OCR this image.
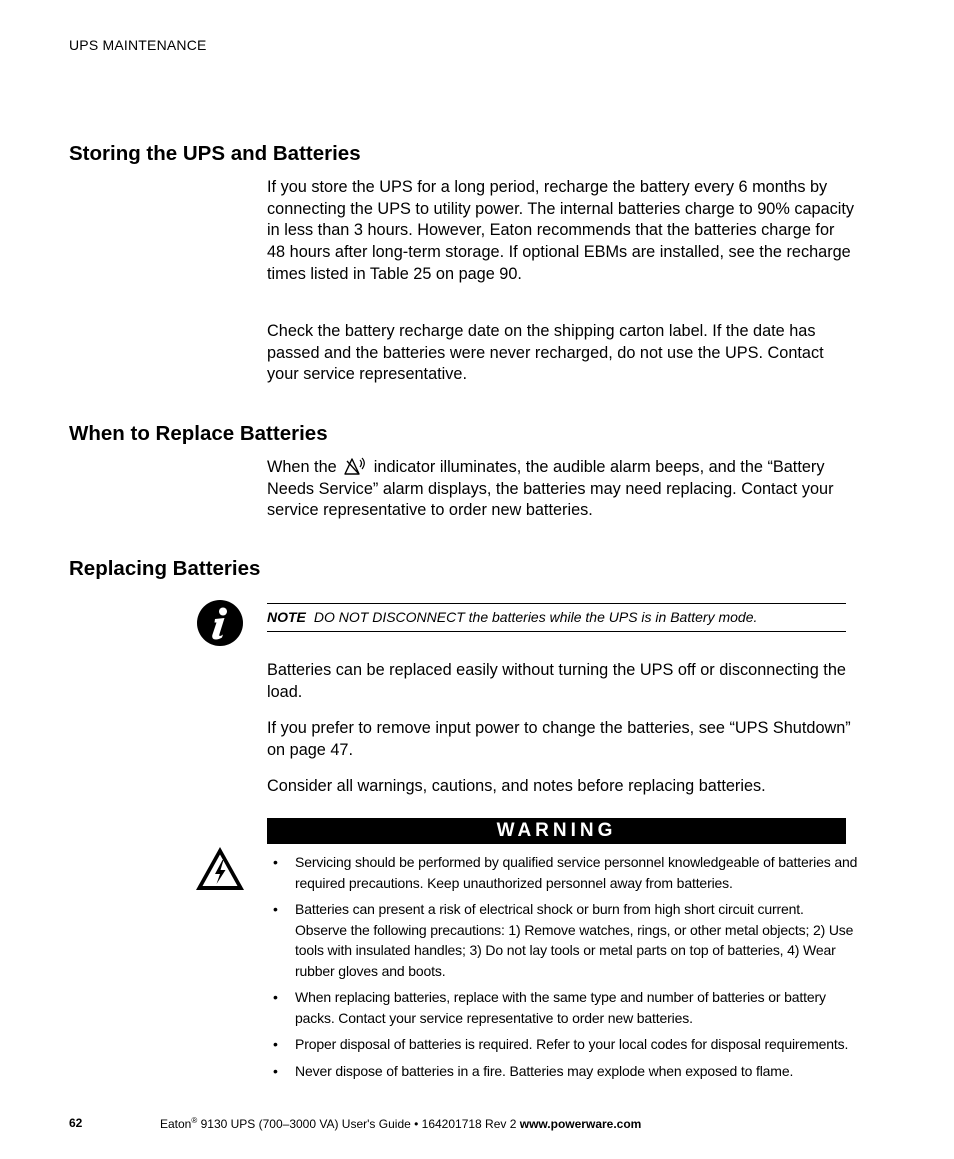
UPS MAINTENANCE
Storing the UPS and Batteries
If you store the UPS for a long period, recharge the battery every 6 months by connecting the UPS to utility power. The internal batteries charge to 90% capacity in less than 3 hours. However, Eaton recommends that the batteries charge for 48 hours after long-term storage. If optional EBMs are installed, see the recharge times listed in Table 25 on page 90.
Check the battery recharge date on the shipping carton label. If the date has passed and the batteries were never recharged, do not use the UPS. Contact your service representative.
When to Replace Batteries
When the indicator illuminates, the audible alarm beeps, and the “Battery Needs Service” alarm displays, the batteries may need replacing. Contact your service representative to order new batteries.
Replacing Batteries
NOTE DO NOT DISCONNECT the batteries while the UPS is in Battery mode.
Batteries can be replaced easily without turning the UPS off or disconnecting the load.
If you prefer to remove input power to change the batteries, see “UPS Shutdown” on page 47.
Consider all warnings, cautions, and notes before replacing batteries.
WARNING
• Servicing should be performed by qualified service personnel knowledgeable of batteries and required precautions. Keep unauthorized personnel away from batteries.
• Batteries can present a risk of electrical shock or burn from high short circuit current. Observe the following precautions: 1) Remove watches, rings, or other metal objects; 2) Use tools with insulated handles; 3) Do not lay tools or metal parts on top of batteries, 4) Wear rubber gloves and boots.
• When replacing batteries, replace with the same type and number of batteries or battery packs. Contact your service representative to order new batteries.
• Proper disposal of batteries is required. Refer to your local codes for disposal requirements.
• Never dispose of batteries in a fire. Batteries may explode when exposed to flame.
62	Eaton® 9130 UPS (700–3000 VA) User's Guide • 164201718 Rev 2 www.powerware.com
